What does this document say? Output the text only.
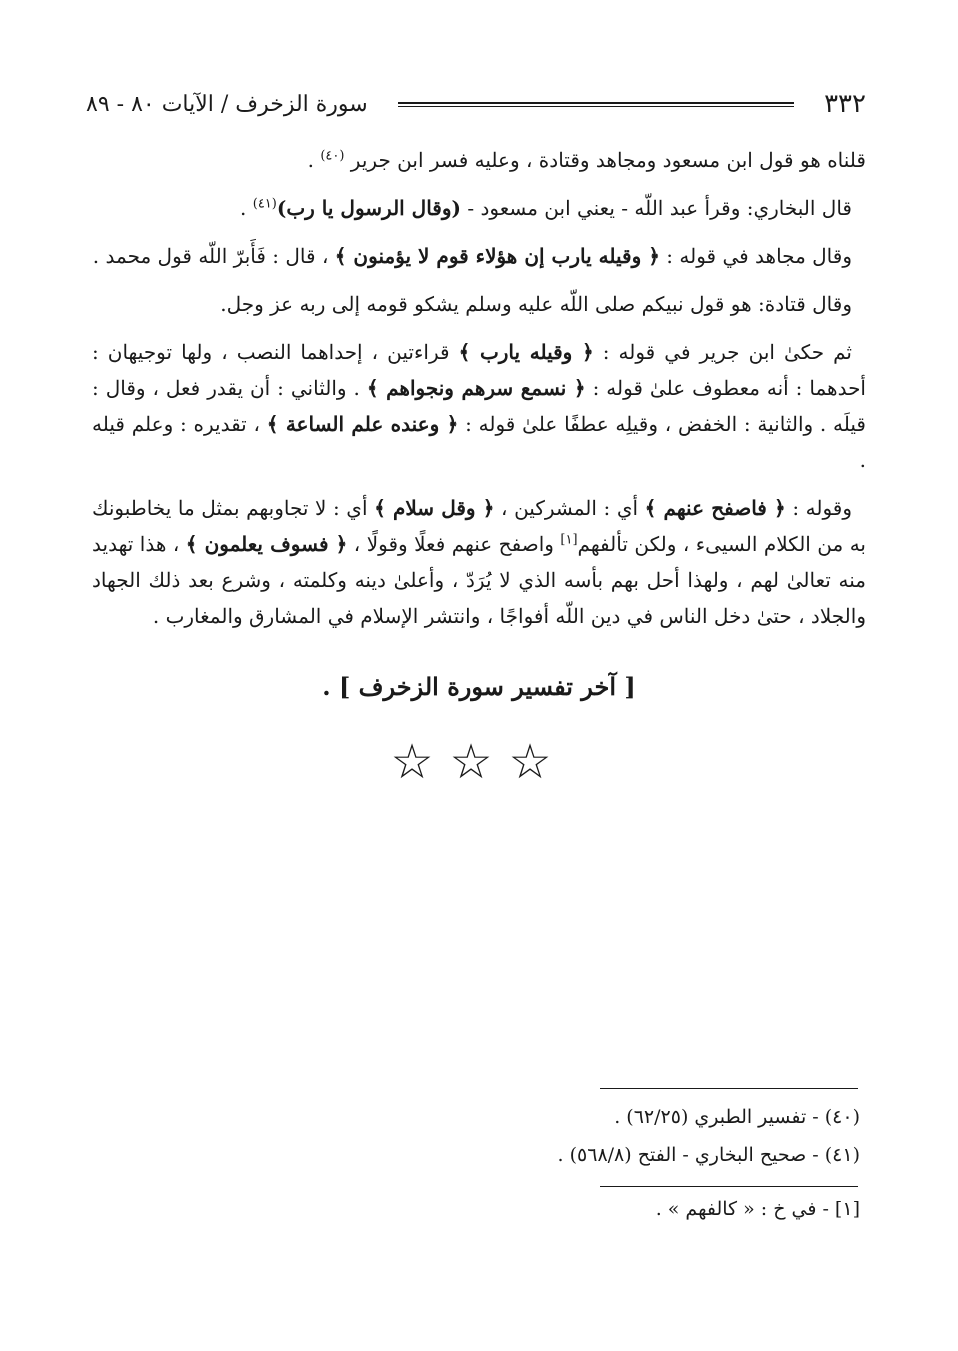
٣٣٢
سورة الزخرف / الآيات ٨٠ - ٨٩

قلناه هو قول ابن مسعود ومجاهد وقتادة ، وعليه فسر ابن جرير $^{(٤٠)}$ .

قال البخاري: وقرأ عبد اللّه - يعني ابن مسعود - (وقال الرسول يا رب)$^{(٤١)}$ .

وقال مجاهد في قوله : ﴿ وقيله يارب إن هؤلاء قوم لا يؤمنون ﴾ ، قال : فَأَبرّ اللّه قول محمد .

وقال قتادة: هو قول نبيكم صلى اللّه عليه وسلم يشكو قومه إلى ربه عز وجل.

ثم حكىٰ ابن جرير في قوله : ﴿ وقيله يارب ﴾ قراءتين ، إحداهما النصب ، ولها توجيهان : أحدهما : أنه معطوف علىٰ قوله : ﴿ نسمع سرهم ونجواهم ﴾ . والثاني : أن يقدر فعل ، وقال : قيلَه . والثانية : الخفض ، وقيلِه عطفًا علىٰ قوله : ﴿ وعنده علم الساعة ﴾ ، تقديره : وعلم قيله .

وقوله : ﴿ فاصفح عنهم ﴾ أي : المشركين ، ﴿ وقل سلام ﴾ أي : لا تجاوبهم بمثل ما يخاطبونك به من الكلام السيىء ، ولكن تألفهم[١] واصفح عنهم فعلًا وقولًا ، ﴿ فسوف يعلمون ﴾ ، هذا تهديد منه تعالىٰ لهم ، ولهذا أحل بهم بأسه الذي لا يُرَدّ ، وأعلىٰ دينه وكلمته ، وشرع بعد ذلك الجهاد والجلاد ، حتىٰ دخل الناس في دين اللّه أفواجًا ، وانتشر الإسلام في المشارق والمغارب .

[ آخر تفسير سورة الزخرف ] .
☆☆☆

(٤٠) - تفسير الطبري (٦٢/٢٥) .

(٤١) - صحيح البخاري - الفتح (٥٦٨/٨) .

[١] - في خ : « كالفهم » .
